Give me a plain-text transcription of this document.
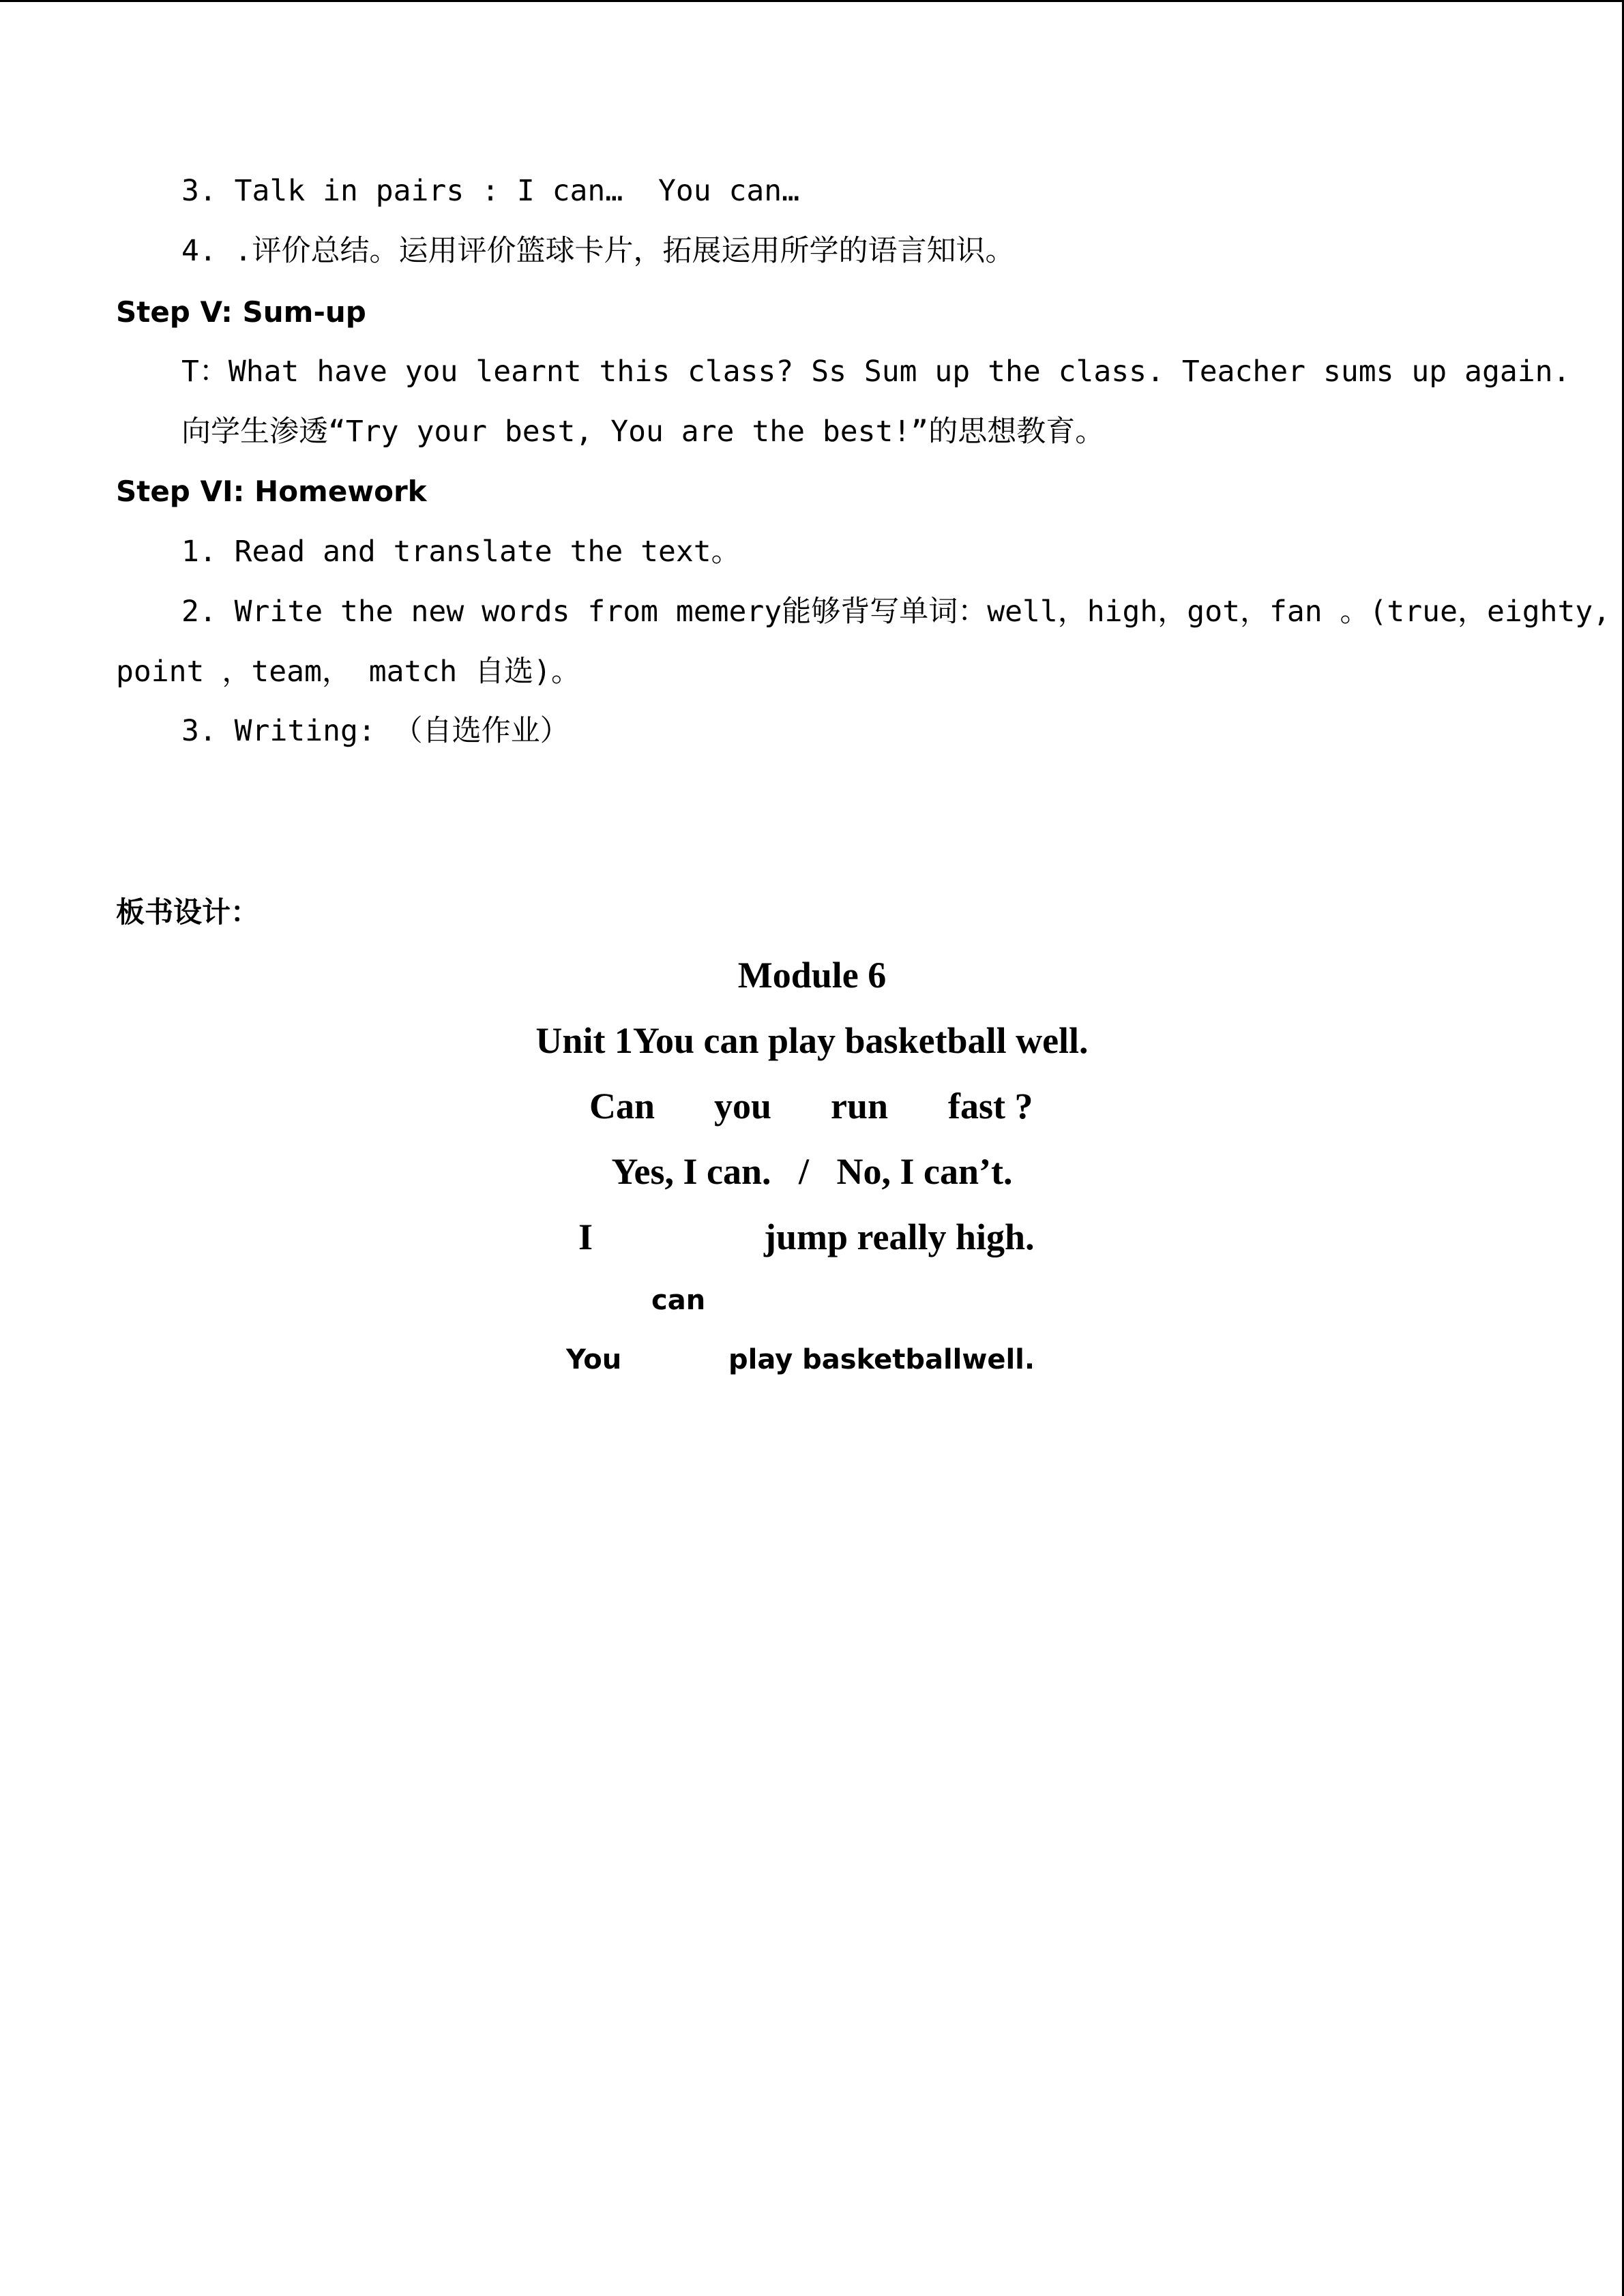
3. Talk in pairs : I can…  You can…
4. .评价总结。运用评价篮球卡片，拓展运用所学的语言知识。
Step V: Sum-up
T：What have you learnt this class? Ss Sum up the class. Teacher sums up again.
向学生渗透“Try your best, You are the best!”的思想教育。
Step VI: Homework
1. Read and translate the text。
2. Write the new words from memery能够背写单词：well，high，got，fan 。(true，eighty,
point ，team， match 自选)。
3. Writing: （自选作业）
板书设计：
Module 6
Unit 1You can play basketball well.
Can you run fast ?
Yes, I can.   /   No, I can’t.
I	jump really high.
can
You	play basketballwell.
